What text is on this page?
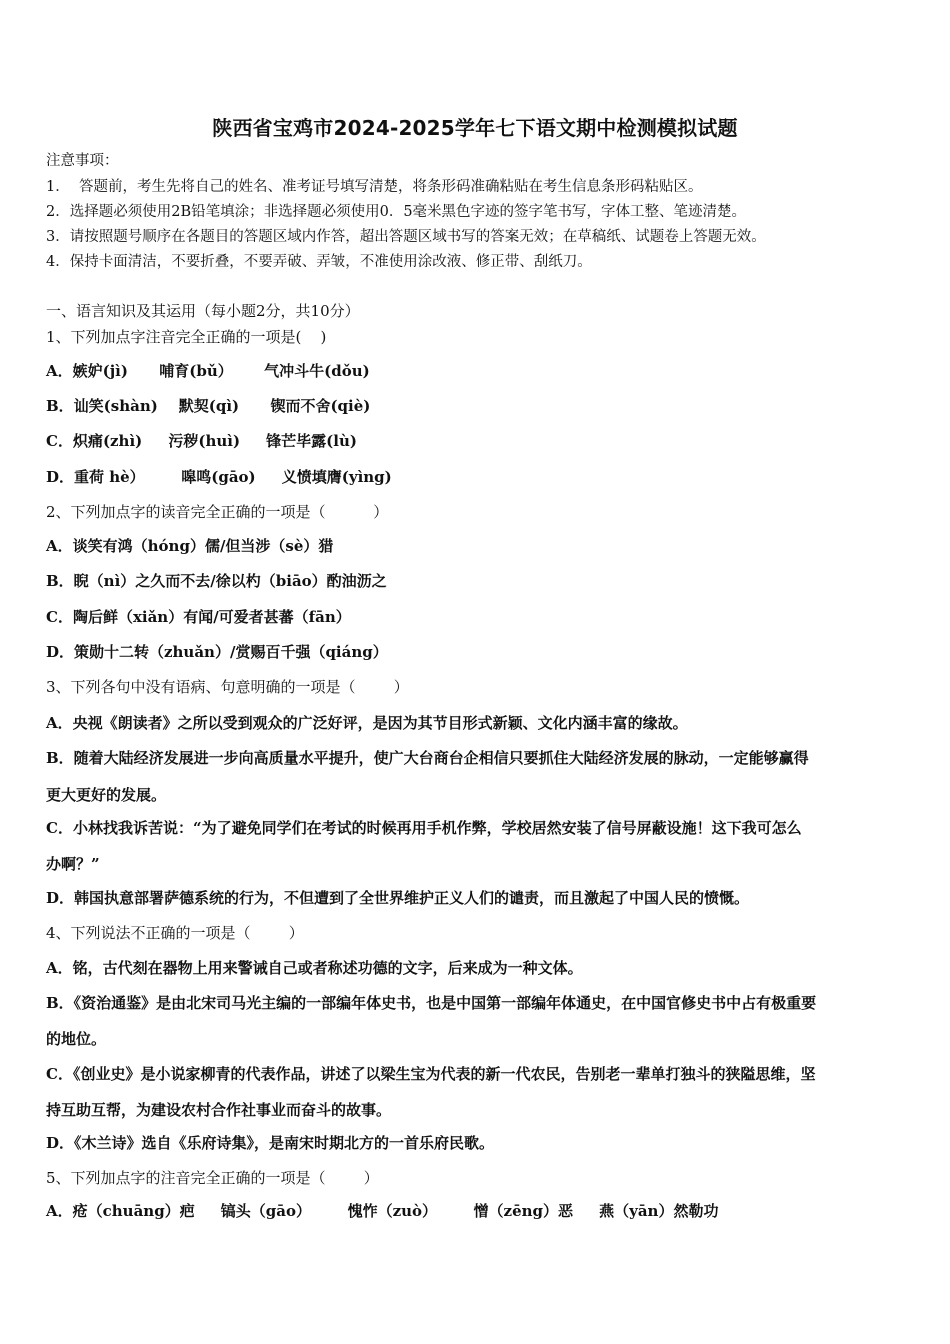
陕西省宝鸡市2024-2025学年七下语文期中检测模拟试题
注意事项：
1．  答题前，考生先将自己的姓名、准考证号填写清楚，将条形码准确粘贴在考生信息条形码粘贴区。
2．选择题必须使用2B铅笔填涂；非选择题必须使用0．5毫米黑色字迹的签字笔书写，字体工整、笔迹清楚。
3．请按照题号顺序在各题目的答题区域内作答，超出答题区域书写的答案无效；在草稿纸、试题卷上答题无效。
4．保持卡面清洁，不要折叠，不要弄破、弄皱，不准使用涂改液、修正带、刮纸刀。
一、语言知识及其运用（每小题2分，共10分）
1、下列加点字注音完全正确的一项是(    )
A．嫉妒(jì)      哺育(bǔ）      气冲斗牛(dǒu)
B．讪笑(shàn)    默契(qì)      锲而不舍(qiè)
C．炽痛(zhì)     污秽(huì)     锋芒毕露(lù)
D．重荷 hè）       嗥鸣(gāo)     义愤填膺(yìng)
2、下列加点字的读音完全正确的一项是（          ）
A．谈笑有鸿（hóng）儒/但当涉（sè）猎
B．睨（nì）之久而不去/徐以杓（biāo）酌油沥之
C．陶后鲜（xiǎn）有闻/可爱者甚蕃（fān）
D．策勋十二转（zhuǎn）/赏赐百千强（qiáng）
3、下列各句中没有语病、句意明确的一项是（        ）
A．央视《朗读者》之所以受到观众的广泛好评，是因为其节目形式新颖、文化内涵丰富的缘故。
B．随着大陆经济发展进一步向高质量水平提升，使广大台商台企相信只要抓住大陆经济发展的脉动，一定能够赢得
更大更好的发展。
C．小林找我诉苦说：“为了避免同学们在考试的时候再用手机作弊，学校居然安装了信号屏蔽设施！这下我可怎么
办啊？”
D．韩国执意部署萨德系统的行为，不但遭到了全世界维护正义人们的谴责，而且激起了中国人民的愤慨。
4、下列说法不正确的一项是（        ）
A．铭，古代刻在器物上用来警诫自己或者称述功德的文字，后来成为一种文体。
B．《资治通鉴》是由北宋司马光主编的一部编年体史书，也是中国第一部编年体通史，在中国官修史书中占有极重要
的地位。
C．《创业史》是小说家柳青的代表作品，讲述了以梁生宝为代表的新一代农民，告别老一辈单打独斗的狭隘思维，坚
持互助互帮，为建设农村合作社事业而奋斗的故事。
D．《木兰诗》选自《乐府诗集》，是南宋时期北方的一首乐府民歌。
5、下列加点字的注音完全正确的一项是（        ）
A．疮（chuāng）疤     镐头（gāo）       愧怍（zuò）       憎（zēng）恶     燕（yān）然勒功
